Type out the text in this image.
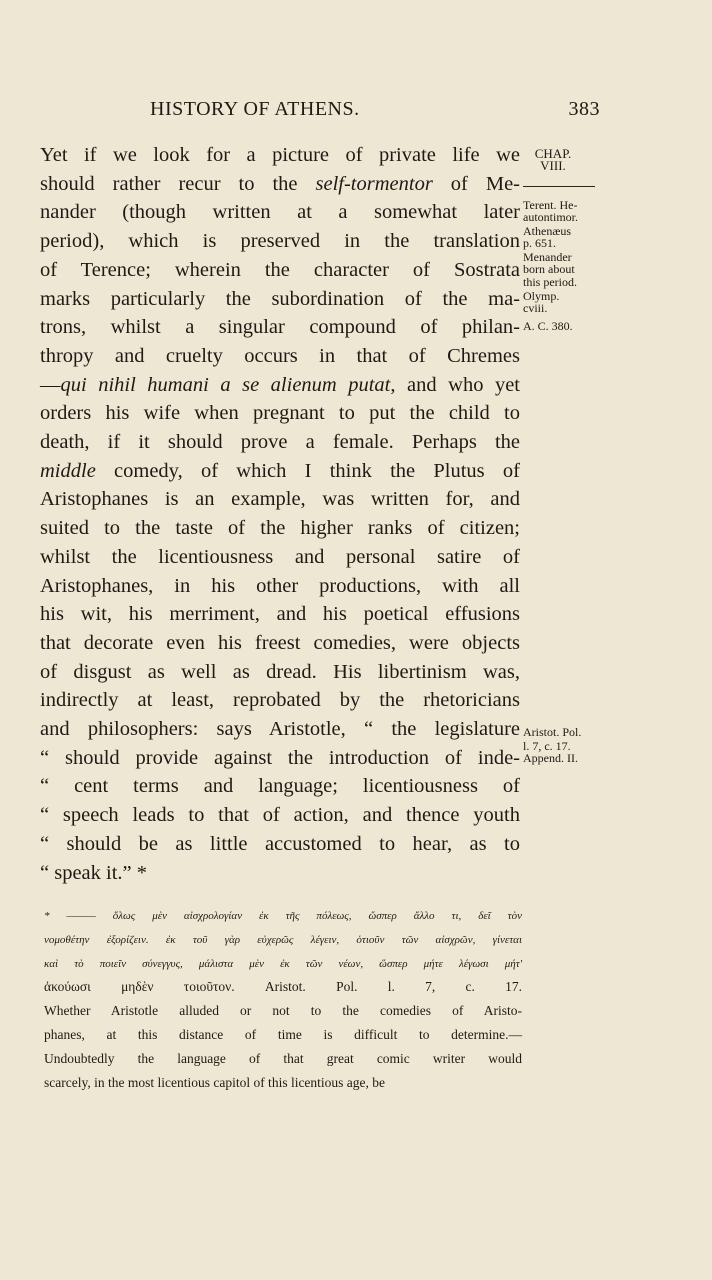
HISTORY OF ATHENS.	383
Yet if we look for a picture of private life we
should rather recur to the self-tormentor of Me-
nander (though written at a somewhat later
period), which is preserved in the translation
of Terence; wherein the character of Sostrata
marks particularly the subordination of the ma-
trons, whilst a singular compound of philan-
thropy and cruelty occurs in that of Chremes
—qui nihil humani a se alienum putat, and who yet
orders his wife when pregnant to put the child to
death, if it should prove a female. Perhaps the
middle comedy, of which I think the Plutus of
Aristophanes is an example, was written for, and
suited to the taste of the higher ranks of citizen;
whilst the licentiousness and personal satire of
Aristophanes, in his other productions, with all
his wit, his merriment, and his poetical effusions
that decorate even his freest comedies, were objects
of disgust as well as dread. His libertinism was,
indirectly at least, reprobated by the rhetoricians
and philosophers: says Aristotle, “ the legislature
“ should provide against the introduction of inde-
“ cent terms and language; licentiousness of
“ speech leads to that of action, and thence youth
“ should be as little accustomed to hear, as to
“ speak it.” *
CHAP.
VIII.
Terent. He-
autontimor.
Athenæus
p. 651.
Menander
born about
this period.
Olymp.
cviii.
A. C. 380.
Aristot. Pol.
l. 7, c. 17.
Append. II.
* ——— ὅλως μὲν αἰσχρολογίαν ἐκ τῆς πόλεως, ὥσπερ ἄλλο τι, δεῖ τὸν
νομοθέτην ἐξορίζειν. ἐκ τοῦ γὰρ εὐχερῶς λέγειν, ὁτιοῦν τῶν αἰσχρῶν, γίνεται
καὶ τὸ ποιεῖν σύνεγγυς, μάλιστα μὲν ἐκ τῶν νέων, ὥσπερ μήτε λέγωσι μήτ'
ἀκούωσι μηδὲν τοιοῦτον. Aristot. Pol. l. 7, c. 17.
Whether Aristotle alluded or not to the comedies of Aristo-
phanes, at this distance of time is difficult to determine.—
Undoubtedly the language of that great comic writer would
scarcely, in the most licentious capitol of this licentious age, be
